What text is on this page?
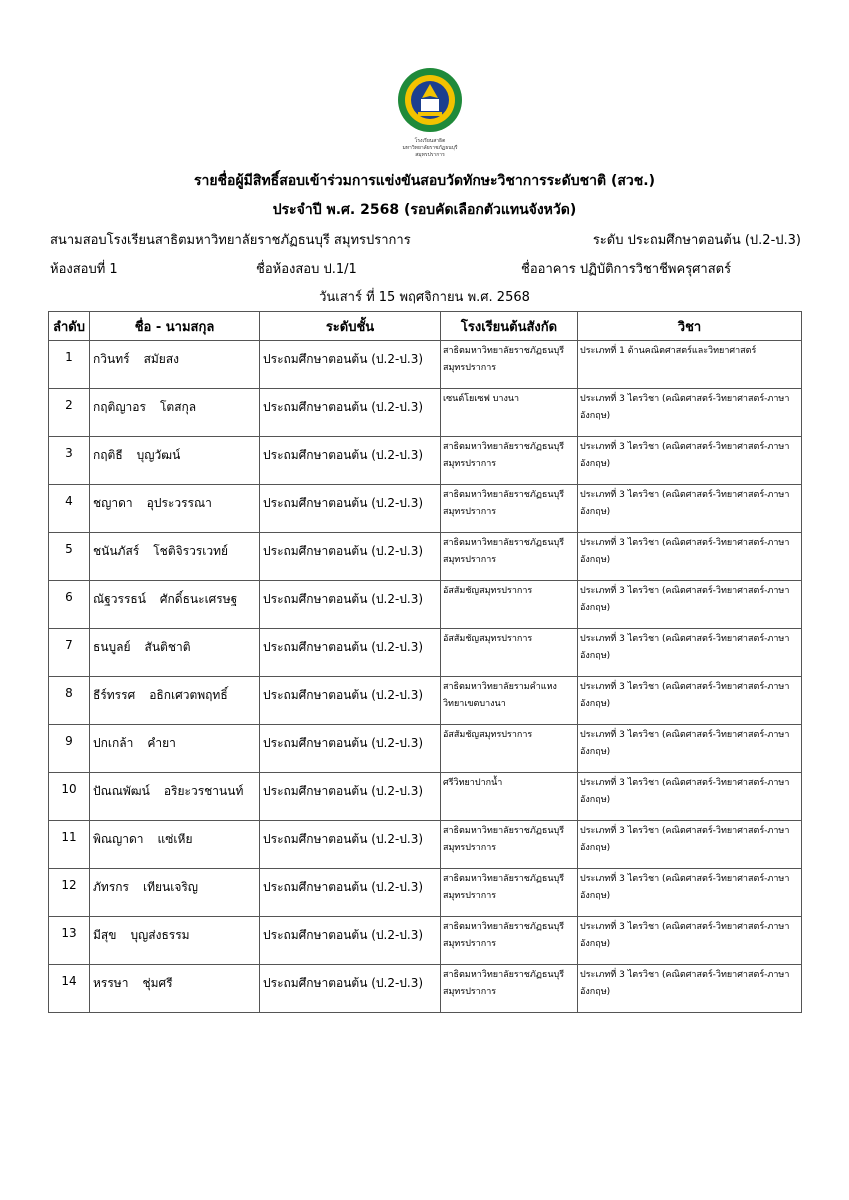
โรงเรียนสาธิต
มหาวิทยาลัยราชภัฏธนบุรี
สมุทรปราการ
รายชื่อผู้มีสิทธิ์สอบเข้าร่วมการแข่งขันสอบวัดทักษะวิชาการระดับชาติ (สวช.)
ประจำปี พ.ศ. 2568 (รอบคัดเลือกตัวแทนจังหวัด)
สนามสอบโรงเรียนสาธิตมหาวิทยาลัยราชภัฏธนบุรี สมุทรปราการ	ระดับ ประถมศึกษาตอนต้น (ป.2-ป.3)
ห้องสอบที่ 1	ชื่อห้องสอบ ป.1/1	ชื่ออาคาร ปฏิบัติการวิชาชีพครุศาสตร์
วันเสาร์ ที่ 15 พฤศจิกายน พ.ศ. 2568
ลำดับ	ชื่อ - นามสกุล	ระดับชั้น	โรงเรียนต้นสังกัด	วิชา
1	กวินทร์ สมัยสง	ประถมศึกษาตอนต้น (ป.2-ป.3)	สาธิตมหาวิทยาลัยราชภัฏธนบุรี สมุทรปราการ	ประเภทที่ 1 ด้านคณิตศาสตร์และวิทยาศาสตร์
2	กฤติญาอร โตสกุล	ประถมศึกษาตอนต้น (ป.2-ป.3)	เซนต์โยเซฟ บางนา	ประเภทที่ 3 ไตรวิชา (คณิตศาสตร์-วิทยาศาสตร์-ภาษาอังกฤษ)
3	กฤติธี บุญวัฒน์	ประถมศึกษาตอนต้น (ป.2-ป.3)	สาธิตมหาวิทยาลัยราชภัฏธนบุรี สมุทรปราการ	ประเภทที่ 3 ไตรวิชา (คณิตศาสตร์-วิทยาศาสตร์-ภาษาอังกฤษ)
4	ชญาดา อุประวรรณา	ประถมศึกษาตอนต้น (ป.2-ป.3)	สาธิตมหาวิทยาลัยราชภัฏธนบุรี สมุทรปราการ	ประเภทที่ 3 ไตรวิชา (คณิตศาสตร์-วิทยาศาสตร์-ภาษาอังกฤษ)
5	ชนันภัสร์ โชติจิรวรเวทย์	ประถมศึกษาตอนต้น (ป.2-ป.3)	สาธิตมหาวิทยาลัยราชภัฏธนบุรี สมุทรปราการ	ประเภทที่ 3 ไตรวิชา (คณิตศาสตร์-วิทยาศาสตร์-ภาษาอังกฤษ)
6	ณัฐวรรธน์ ศักดิ์ธนะเศรษฐ	ประถมศึกษาตอนต้น (ป.2-ป.3)	อัสสัมชัญสมุทรปราการ	ประเภทที่ 3 ไตรวิชา (คณิตศาสตร์-วิทยาศาสตร์-ภาษาอังกฤษ)
7	ธนบูลย์ สันติชาติ	ประถมศึกษาตอนต้น (ป.2-ป.3)	อัสสัมชัญสมุทรปราการ	ประเภทที่ 3 ไตรวิชา (คณิตศาสตร์-วิทยาศาสตร์-ภาษาอังกฤษ)
8	ธีร์ทรรศ อธิกเศวตพฤทธิ์	ประถมศึกษาตอนต้น (ป.2-ป.3)	สาธิตมหาวิทยาลัยรามคำแหง วิทยาเขตบางนา	ประเภทที่ 3 ไตรวิชา (คณิตศาสตร์-วิทยาศาสตร์-ภาษาอังกฤษ)
9	ปกเกล้า คำยา	ประถมศึกษาตอนต้น (ป.2-ป.3)	อัสสัมชัญสมุทรปราการ	ประเภทที่ 3 ไตรวิชา (คณิตศาสตร์-วิทยาศาสตร์-ภาษาอังกฤษ)
10	ปัณณพัฒน์ อริยะวรชานนท์	ประถมศึกษาตอนต้น (ป.2-ป.3)	ศรีวิทยาปากน้ำ	ประเภทที่ 3 ไตรวิชา (คณิตศาสตร์-วิทยาศาสตร์-ภาษาอังกฤษ)
11	พิณญาดา แซ่เหีย	ประถมศึกษาตอนต้น (ป.2-ป.3)	สาธิตมหาวิทยาลัยราชภัฏธนบุรี สมุทรปราการ	ประเภทที่ 3 ไตรวิชา (คณิตศาสตร์-วิทยาศาสตร์-ภาษาอังกฤษ)
12	ภัทรกร เทียนเจริญ	ประถมศึกษาตอนต้น (ป.2-ป.3)	สาธิตมหาวิทยาลัยราชภัฏธนบุรี สมุทรปราการ	ประเภทที่ 3 ไตรวิชา (คณิตศาสตร์-วิทยาศาสตร์-ภาษาอังกฤษ)
13	มีสุข บุญส่งธรรม	ประถมศึกษาตอนต้น (ป.2-ป.3)	สาธิตมหาวิทยาลัยราชภัฏธนบุรี สมุทรปราการ	ประเภทที่ 3 ไตรวิชา (คณิตศาสตร์-วิทยาศาสตร์-ภาษาอังกฤษ)
14	หรรษา ชุ่มศรี	ประถมศึกษาตอนต้น (ป.2-ป.3)	สาธิตมหาวิทยาลัยราชภัฏธนบุรี สมุทรปราการ	ประเภทที่ 3 ไตรวิชา (คณิตศาสตร์-วิทยาศาสตร์-ภาษาอังกฤษ)
